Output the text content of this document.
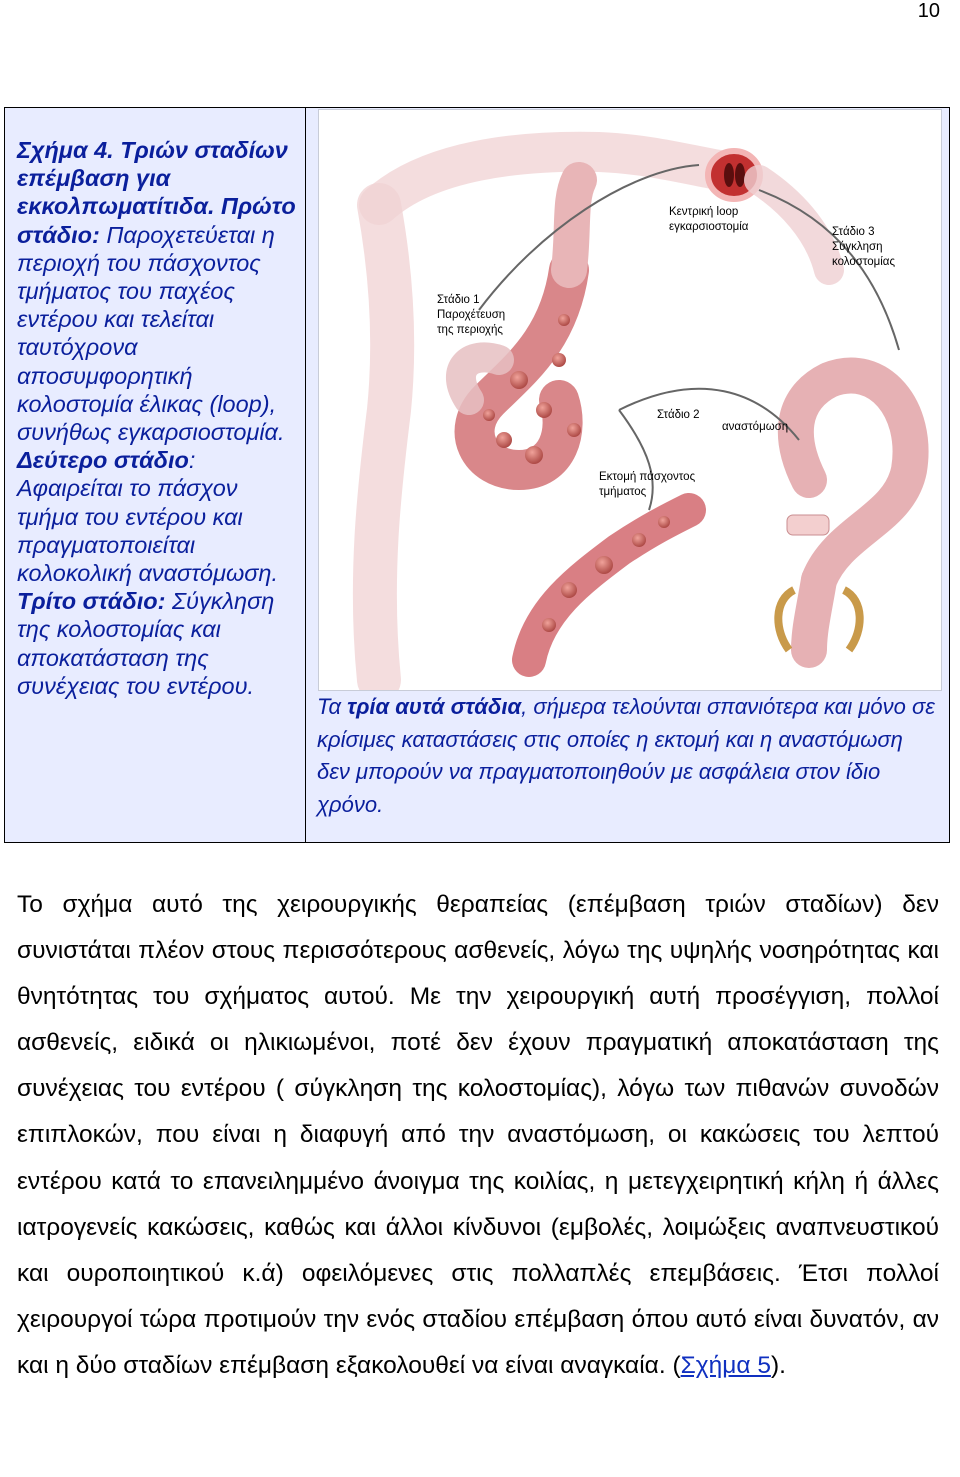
10
Σχήμα 4. Τριών σταδίων επέμβαση για εκκολπωματίτιδα. Πρώτο στάδιο: Παροχετεύεται η περιοχή του πάσχοντος τμήματος του παχέος εντέρου και τελείται ταυτόχρονα αποσυμφορητική κολοστομία έλικας (loop), συνήθως εγκαρσιοστομία. Δεύτερο στάδιο: Αφαιρείται το πάσχον τμήμα του εντέρου και πραγματοποιείται κολοκολική αναστόμωση. Τρίτο στάδιο: Σύγκληση της κολοστομίας και αποκατάσταση της συνέχειας του εντέρου.
Κεντρική loop
εγκαρσιοστομία	Στάδιο 3
Σύγκληση
κολοστομίας
Στάδιο 1
Παροχέτευση
της περιοχής
Στάδιο 2
αναστόμωση
Εκτομή πάσχοντος
τμήματος
Τα τρία αυτά στάδια, σήμερα τελούνται σπανιότερα και μόνο σε κρίσιμες καταστάσεις στις οποίες η εκτομή και η αναστόμωση δεν μπορούν να πραγματοποιηθούν με ασφάλεια στον ίδιο χρόνο.
Το σχήμα αυτό της χειρουργικής θεραπείας (επέμβαση τριών σταδίων) δεν συνιστάται πλέον στους περισσότερους ασθενείς, λόγω της υψηλής νοσηρότητας και θνητότητας του σχήματος αυτού. Με την χειρουργική αυτή προσέγγιση, πολλοί ασθενείς, ειδικά οι ηλικιωμένοι, ποτέ δεν έχουν πραγματική αποκατάσταση της συνέχειας του εντέρου ( σύγκληση της κολοστομίας), λόγω των πιθανών συνοδών επιπλοκών, που είναι η διαφυγή από την αναστόμωση, οι κακώσεις του λεπτού εντέρου κατά το επανειλημμένο άνοιγμα της κοιλίας, η μετεγχειρητική κήλη ή άλλες ιατρογενείς κακώσεις, καθώς και άλλοι κίνδυνοι (εμβολές, λοιμώξεις αναπνευστικού και ουροποιητικού κ.ά) οφειλόμενες στις πολλαπλές επεμβάσεις. Έτσι πολλοί χειρουργοί τώρα προτιμούν την ενός σταδίου επέμβαση όπου αυτό είναι δυνατόν, αν και η δύο σταδίων επέμβαση εξακολουθεί να είναι αναγκαία. (Σχήμα 5).
